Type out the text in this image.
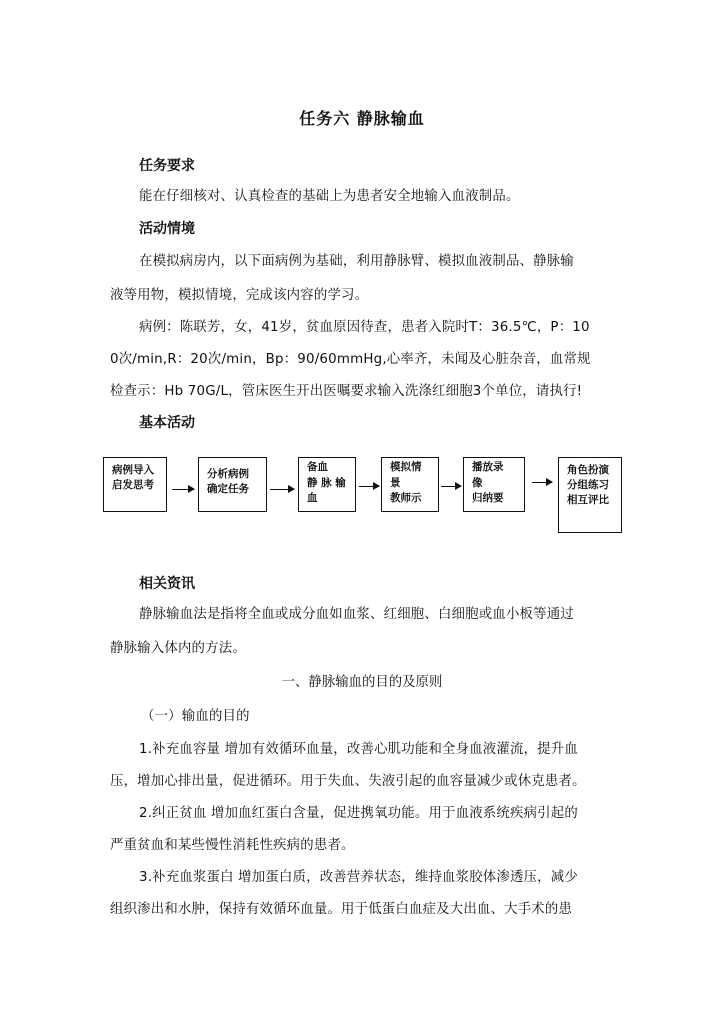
任务六 静脉输血
任务要求
能在仔细核对、认真检查的基础上为患者安全地输入血液制品。
活动情境
在模拟病房内，以下面病例为基础，利用静脉臂、模拟血液制品、静脉输
液等用物，模拟情境，完成该内容的学习。
病例：陈联芳，女，41岁，贫血原因待查，患者入院时T：36.5℃，P：10
0次/min,R：20次/min，Bp：90/60mmHg,心率齐，未闻及心脏杂音，血常规
检查示：Hb 70G/L，管床医生开出医嘱要求输入洗涤红细胞3个单位，请执行!
基本活动
病例导入
启发思考
分析病例
确定任务
备血
静 脉 输
血
模拟情
景
教师示
播放录
像
归纳要
角色扮演
分组练习
相互评比
相关资讯
静脉输血法是指将全血或成分血如血浆、红细胞、白细胞或血小板等通过
静脉输入体内的方法。
一、静脉输血的目的及原则
（一）输血的目的
1.补充血容量 增加有效循环血量，改善心肌功能和全身血液灌流，提升血
压，增加心排出量，促进循环。用于失血、失液引起的血容量减少或休克患者。
2.纠正贫血 增加血红蛋白含量，促进携氧功能。用于血液系统疾病引起的
严重贫血和某些慢性消耗性疾病的患者。
3.补充血浆蛋白 增加蛋白质，改善营养状态，维持血浆胶体渗透压，减少
组织渗出和水肿，保持有效循环血量。用于低蛋白血症及大出血、大手术的患
